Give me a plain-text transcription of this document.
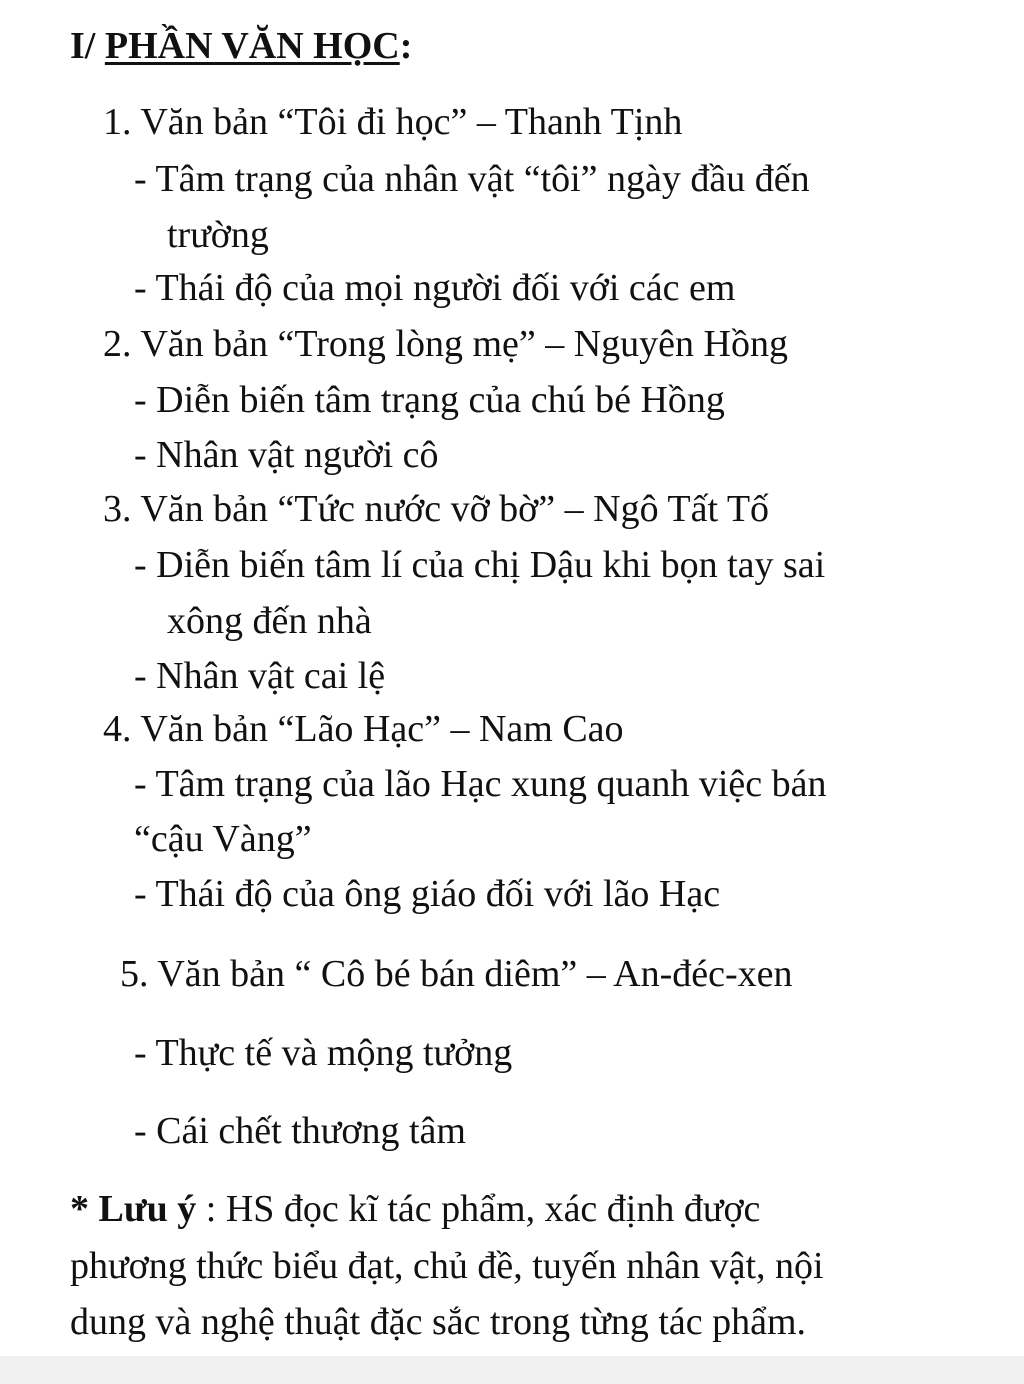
I/ PHẦN VĂN HỌC:
1. Văn bản “Tôi đi học” – Thanh Tịnh
- Tâm trạng của nhân vật “tôi” ngày đầu đến
trường
- Thái độ của mọi người đối với các em
2. Văn bản “Trong lòng mẹ” – Nguyên Hồng
- Diễn biến tâm trạng của chú bé Hồng
- Nhân vật người cô
3. Văn bản “Tức nước vỡ bờ” – Ngô Tất Tố
- Diễn biến tâm lí của chị Dậu khi bọn tay sai
xông đến nhà
- Nhân vật cai lệ
4. Văn bản “Lão Hạc” – Nam Cao
- Tâm trạng của lão Hạc xung quanh việc bán
“cậu Vàng”
- Thái độ của ông giáo đối với lão Hạc
5. Văn bản “ Cô bé bán diêm” – An-đéc-xen
- Thực tế và mộng tưởng
- Cái chết thương tâm
* Lưu ý : HS đọc kĩ tác phẩm, xác định được
phương thức biểu đạt, chủ đề, tuyến nhân vật, nội
dung và nghệ thuật đặc sắc trong từng tác phẩm.
